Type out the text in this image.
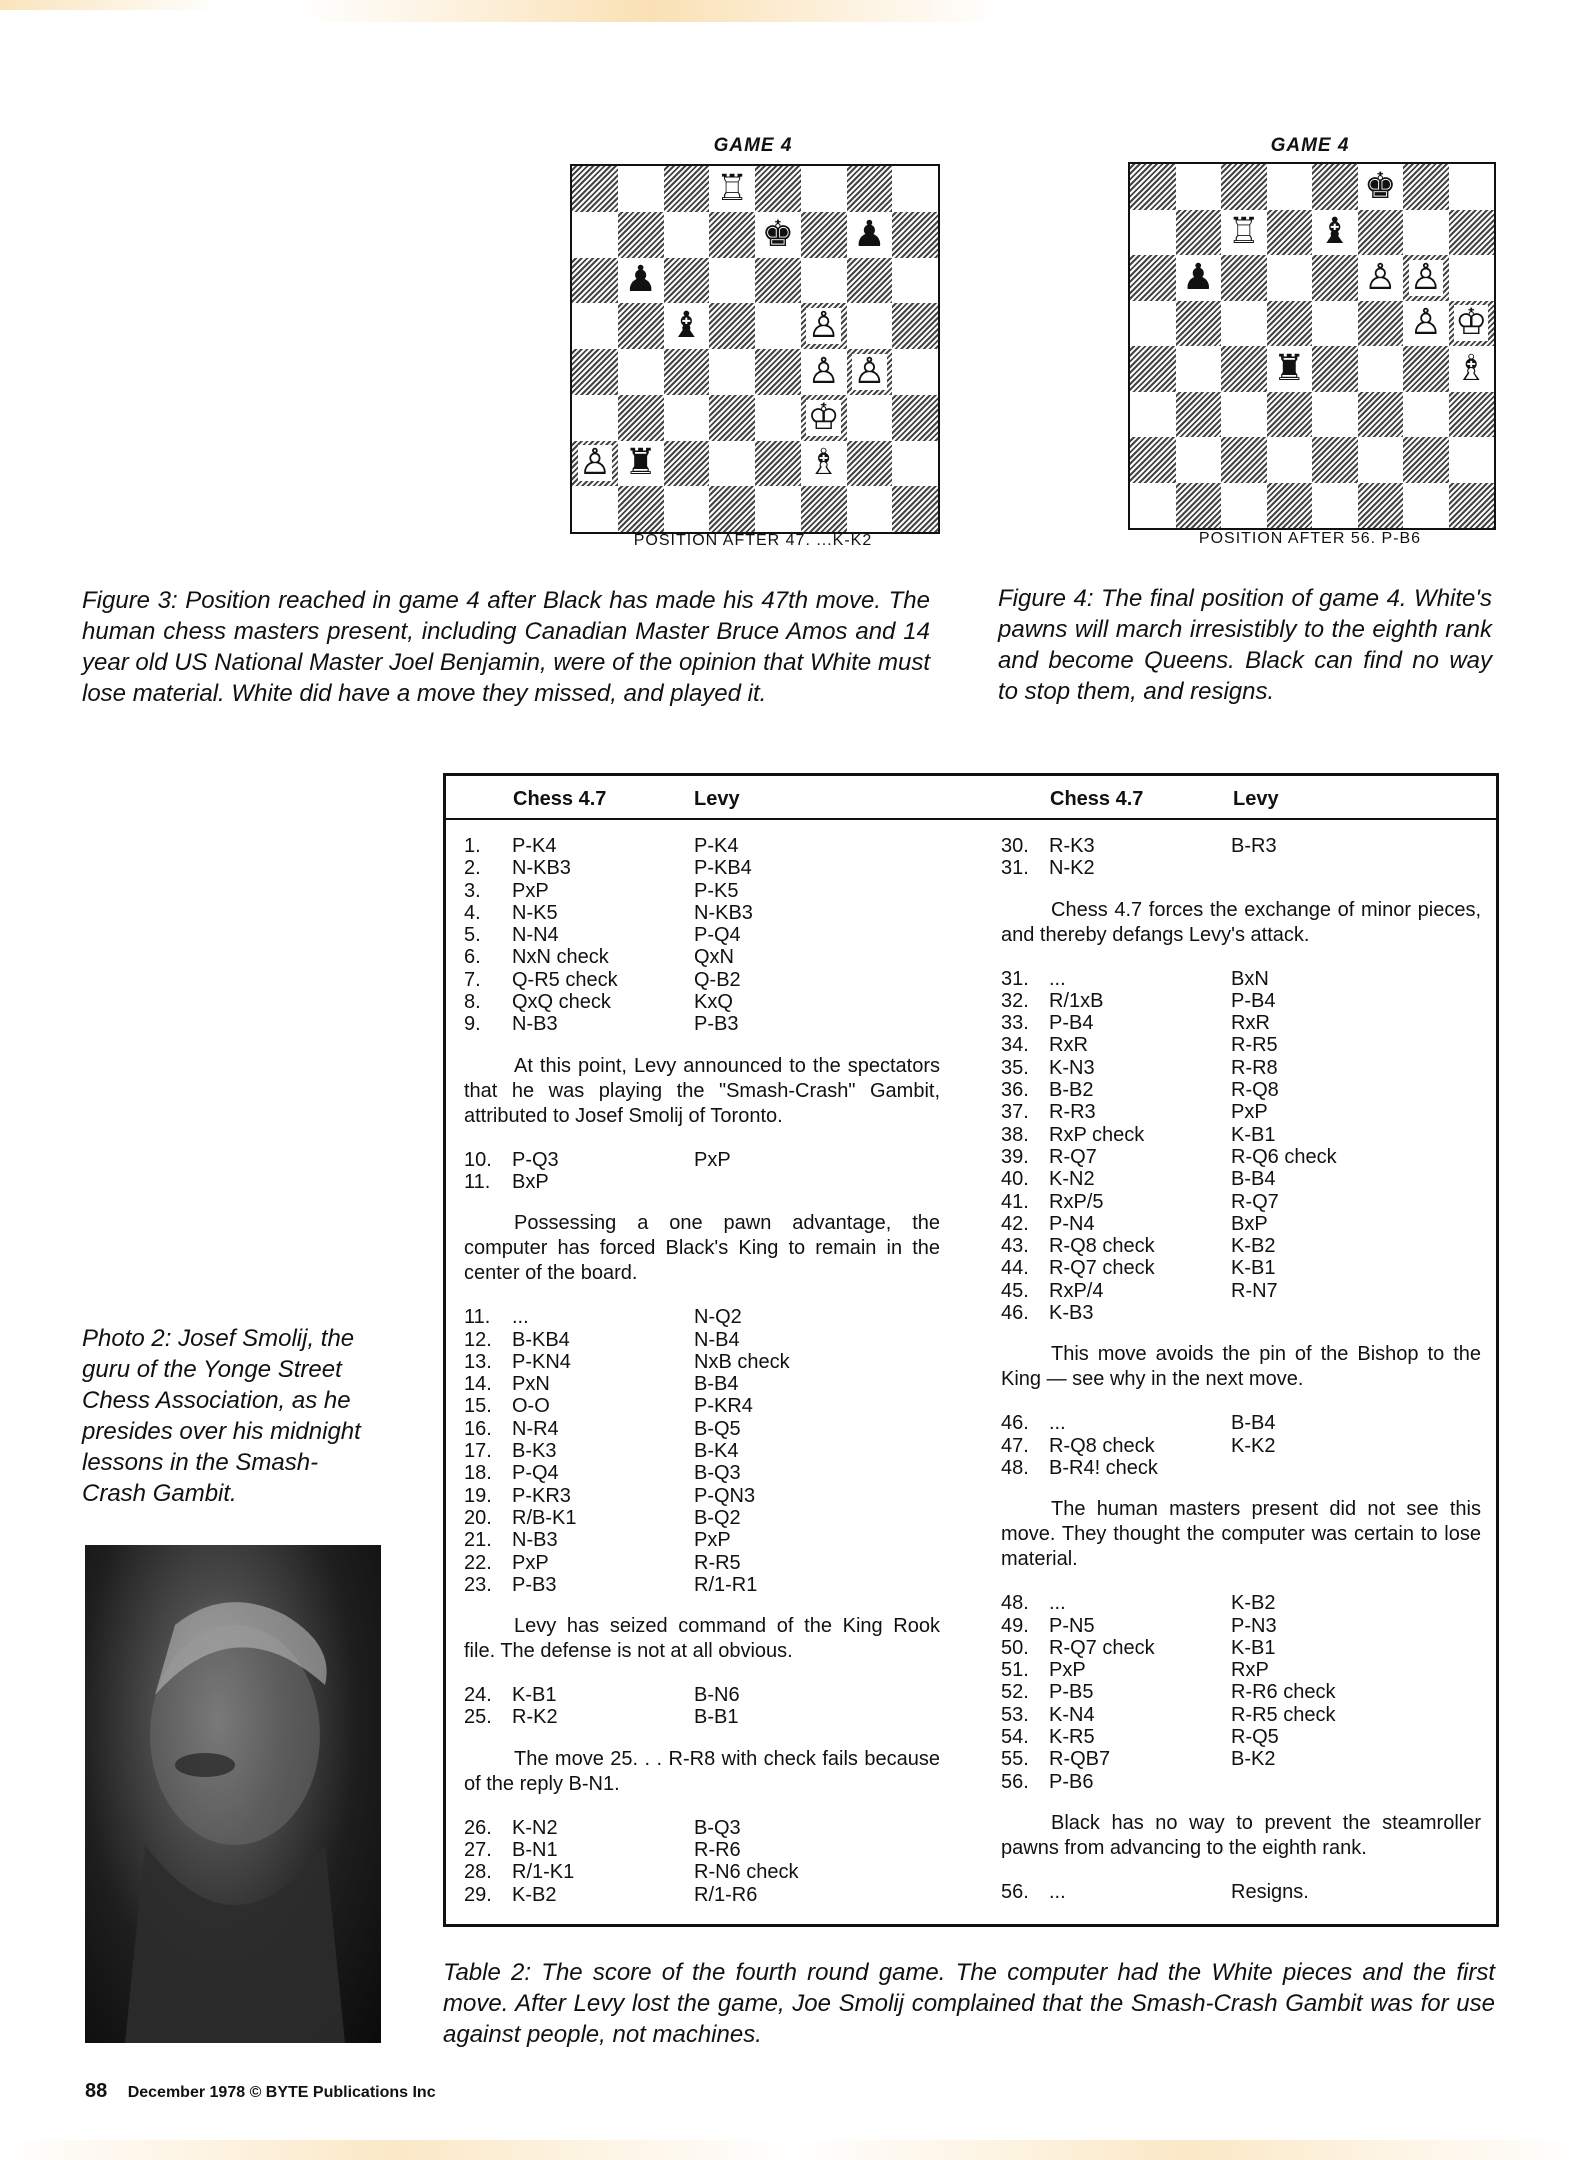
GAME 4
♖
♚ ♟
♟
♝	♙
♙ ♙
♔
♙ ♜	♗
POSITION AFTER 47. ...K-K2
GAME 4
♚
♖ ♝
♟	♙ ♙
♙ ♔
♜	♗
POSITION AFTER 56. P-B6
Figure 3: Position reached in game 4 after Black has made his 47th move. The human chess masters present, including Canadian Master Bruce Amos and 14 year old US National Master Joel Benjamin, were of the opinion that White must lose material. White did have a move they missed, and played it.
Figure 4: The final position of game 4. White's pawns will march irresistibly to the eighth rank and become Queens. Black can find no way to stop them, and resigns.
Photo 2: Josef Smolij, the guru of the Yonge Street Chess Association, as he presides over his midnight lessons in the Smash-Crash Gambit.
Chess 4.7	Levy	Chess 4.7	Levy
1. P-K4	P-K4
2. N-KB3	P-KB4
3. PxP	P-K5
4. N-K5	N-KB3
5. N-N4	P-Q4
6. NxN check	QxN
7. Q-R5 check	Q-B2
8. QxQ check	KxQ
9. N-B3	P-B3
At this point, Levy announced to the spectators that he was playing the "Smash-Crash" Gambit, attributed to Josef Smolij of Toronto.
10. P-Q3	PxP
11. BxP
Possessing a one pawn advantage, the computer has forced Black's King to remain in the center of the board.
11. ...	N-Q2
12. B-KB4	N-B4
13. P-KN4	NxB check
14. PxN	B-B4
15. O-O	P-KR4
16. N-R4	B-Q5
17. B-K3	B-K4
18. P-Q4	B-Q3
19. P-KR3	P-QN3
20. R/B-K1	B-Q2
21. N-B3	PxP
22. PxP	R-R5
23. P-B3	R/1-R1
Levy has seized command of the King Rook file. The defense is not at all obvious.
24. K-B1	B-N6
25. R-K2	B-B1
The move 25. . . R-R8 with check fails because of the reply B-N1.
26. K-N2	B-Q3
27. B-N1	R-R6
28. R/1-K1	R-N6 check
29. K-B2	R/1-R6
30. R-K3	B-R3
31. N-K2
Chess 4.7 forces the exchange of minor pieces, and thereby defangs Levy's attack.
31. ...	BxN
32. R/1xB	P-B4
33. P-B4	RxR
34. RxR	R-R5
35. K-N3	R-R8
36. B-B2	R-Q8
37. R-R3	PxP
38. RxP check	K-B1
39. R-Q7	R-Q6 check
40. K-N2	B-B4
41. RxP/5	R-Q7
42. P-N4	BxP
43. R-Q8 check	K-B2
44. R-Q7 check	K-B1
45. RxP/4	R-N7
46. K-B3
This move avoids the pin of the Bishop to the King — see why in the next move.
46. ...	B-B4
47. R-Q8 check	K-K2
48. B-R4! check
The human masters present did not see this move. They thought the computer was certain to lose material.
48. ...	K-B2
49. P-N5	P-N3
50. R-Q7 check	K-B1
51. PxP	RxP
52. P-B5	R-R6 check
53. K-N4	R-R5 check
54. K-R5	R-Q5
55. R-QB7	B-K2
56. P-B6
Black has no way to prevent the steamroller pawns from advancing to the eighth rank.
56. ...	Resigns.
Table 2: The score of the fourth round game. The computer had the White pieces and the first move. After Levy lost the game, Joe Smolij complained that the Smash-Crash Gambit was for use against people, not machines.
88 December 1978 © BYTE Publications Inc
